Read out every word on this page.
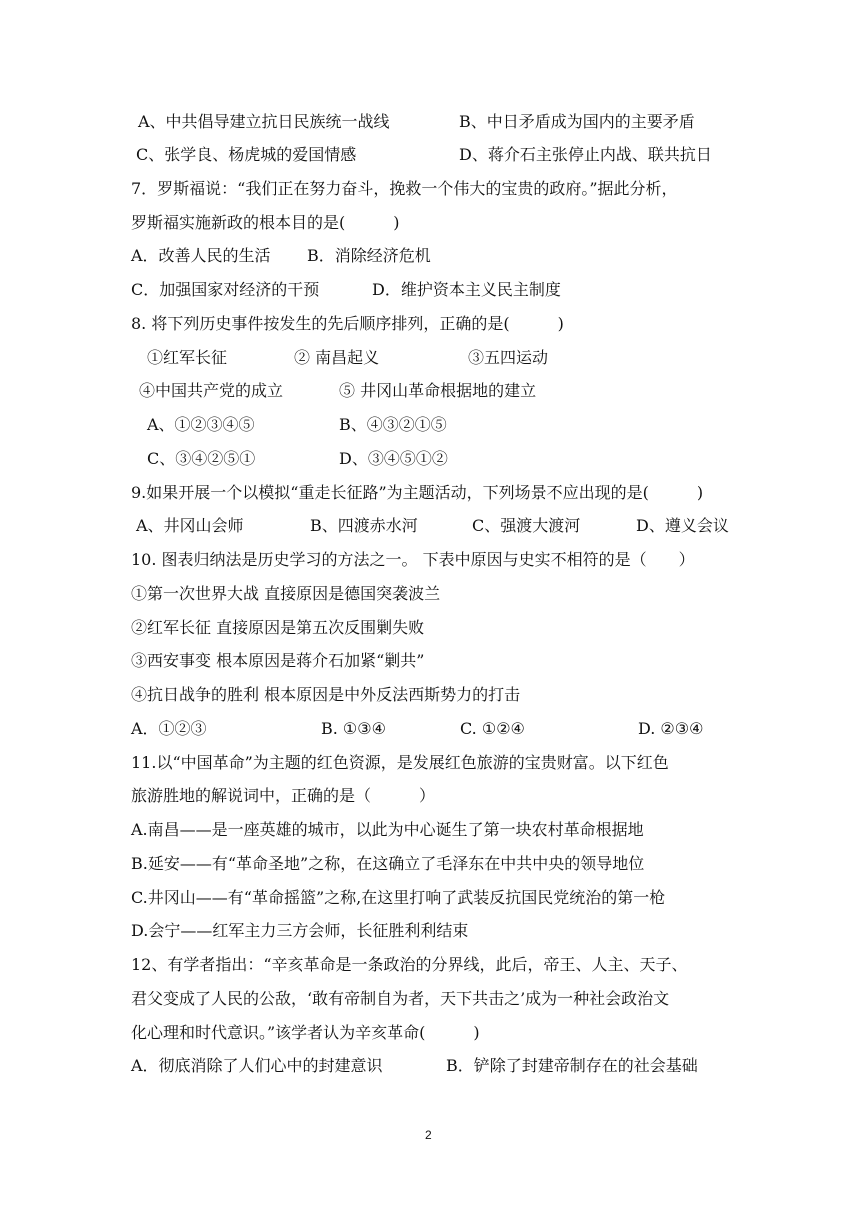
A、中共倡导建立抗日民族统一战线	B、中日矛盾成为国内的主要矛盾
C、张学良、杨虎城的爱国情感	D、蒋介石主张停止内战、联共抗日
7．罗斯福说：“我们正在努力奋斗，挽救一个伟大的宝贵的政府。”据此分析，
罗斯福实施新政的根本目的是(　　　)
A．改善人民的生活 B．消除经济危机
C．加强国家对经济的干预	D．维护资本主义民主制度
8. 将下列历史事件按发生的先后顺序排列，正确的是(　　　)
①红军长征	② 南昌起义	③五四运动
④中国共产党的成立	⑤ 井冈山革命根据地的建立
A、①②③④⑤	B、④③②①⑤
C、③④②⑤①	D、③④⑤①②
9.如果开展一个以模拟“重走长征路”为主题活动，下列场景不应出现的是(　　　)
A、井冈山会师	B、四渡赤水河	C、强渡大渡河	D、遵义会议
10. 图表归纳法是历史学习的方法之一。 下表中原因与史实不相符的是（　　）
①第一次世界大战 直接原因是德国突袭波兰
②红军长征 直接原因是第五次反围剿失败
③西安事变 根本原因是蒋介石加紧“剿共”
④抗日战争的胜利 根本原因是中外反法西斯势力的打击
A．①②③	B. ①③④	C. ①②④	D. ②③④
11.以“中国革命”为主题的红色资源，是发展红色旅游的宝贵财富。以下红色
旅游胜地的解说词中，正确的是（　　　）
A.南昌——是一座英雄的城市，以此为中心诞生了第一块农村革命根据地
B.延安——有“革命圣地”之称，在这确立了毛泽东在中共中央的领导地位
C.井冈山——有“革命摇篮”之称,在这里打响了武装反抗国民党统治的第一枪
D.会宁——红军主力三方会师，长征胜利利结束
12、有学者指出：“辛亥革命是一条政治的分界线，此后，帝王、人主、天子、
君父变成了人民的公敌，‘敢有帝制自为者，天下共击之’成为一种社会政治文
化心理和时代意识。”该学者认为辛亥革命(　　　)
A．彻底消除了人们心中的封建意识	B．铲除了封建帝制存在的社会基础
2
